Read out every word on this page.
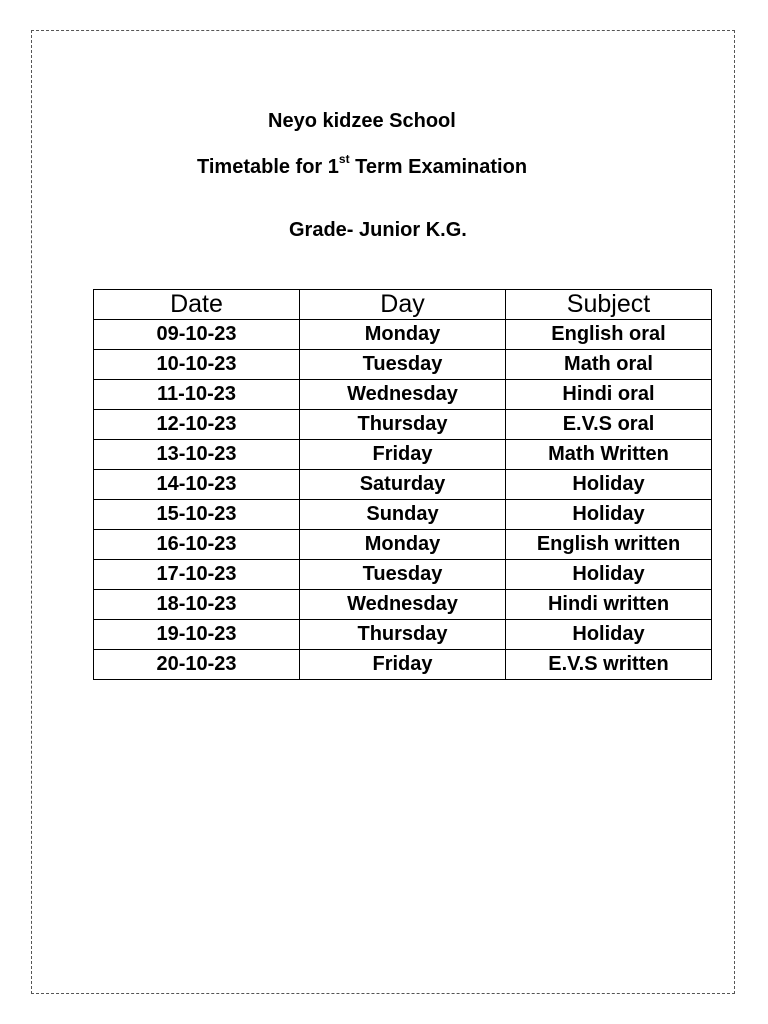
Neyo kidzee School
Timetable for 1st Term Examination
Grade- Junior K.G.
Date	Day	Subject
09-10-23	Monday	English oral
10-10-23	Tuesday	Math oral
11-10-23	Wednesday	Hindi oral
12-10-23	Thursday	E.V.S oral
13-10-23	Friday	Math Written
14-10-23	Saturday	Holiday
15-10-23	Sunday	Holiday
16-10-23	Monday	English written
17-10-23	Tuesday	Holiday
18-10-23	Wednesday	Hindi written
19-10-23	Thursday	Holiday
20-10-23	Friday	E.V.S written
